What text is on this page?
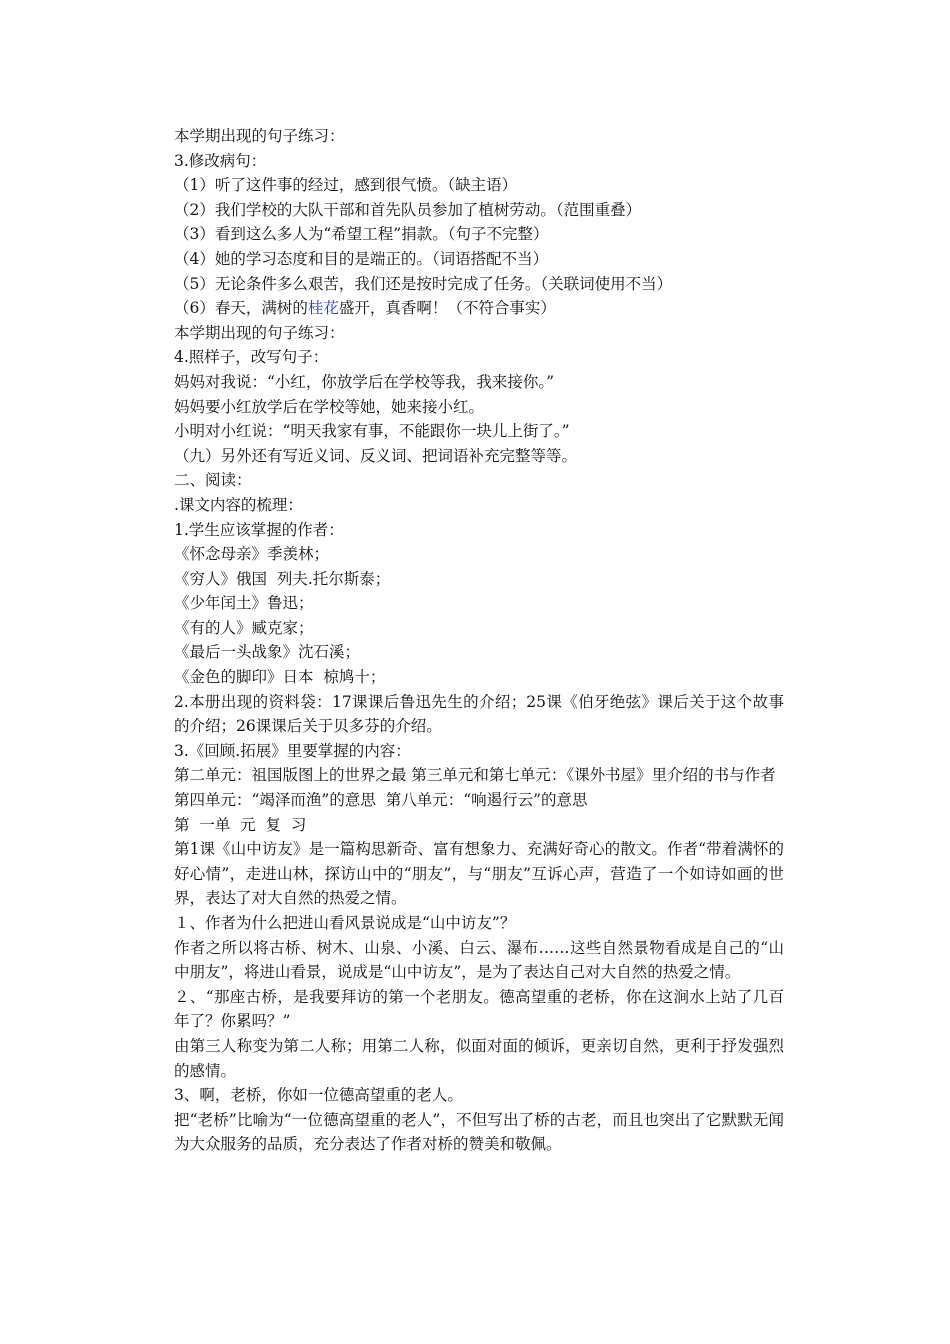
本学期出现的句子练习：
3.修改病句：
（1）听了这件事的经过，感到很气愤。（缺主语）
（2）我们学校的大队干部和首先队员参加了植树劳动。（范围重叠）
（3）看到这么多人为“希望工程”捐款。（句子不完整）
（4）她的学习态度和目的是端正的。（词语搭配不当）
（5）无论条件多么艰苦，我们还是按时完成了任务。（关联词使用不当）
（6）春天，满树的桂花盛开，真香啊！（不符合事实）
本学期出现的句子练习：
4.照样子，改写句子：
妈妈对我说：“小红，你放学后在学校等我，我来接你。”
妈妈要小红放学后在学校等她，她来接小红。
小明对小红说：“明天我家有事，不能跟你一块儿上街了。”
（九）另外还有写近义词、反义词、把词语补充完整等等。
二、阅读：
.课文内容的梳理：
1.学生应该掌握的作者：
《怀念母亲》季羡林；
《穷人》俄国  列夫.托尔斯泰；
《少年闰土》鲁迅；
《有的人》臧克家；
《最后一头战象》沈石溪；
《金色的脚印》日本  椋鸠十；
2.本册出现的资料袋：17课课后鲁迅先生的介绍；25课《伯牙绝弦》课后关于这个故事的介绍；26课课后关于贝多芬的介绍。
3.《回顾.拓展》里要掌握的内容：
第二单元：祖国版图上的世界之最 第三单元和第七单元：《课外书屋》里介绍的书与作者
第四单元：“竭泽而渔”的意思  第八单元：“响遏行云”的意思
第  一单  元  复  习
第1课《山中访友》是一篇构思新奇、富有想象力、充满好奇心的散文。作者“带着满怀的好心情”，走进山林，探访山中的“朋友”，与“朋友”互诉心声，营造了一个如诗如画的世界，表达了对大自然的热爱之情。
１、作者为什么把进山看风景说成是“山中访友”？
作者之所以将古桥、树木、山泉、小溪、白云、瀑布……这些自然景物看成是自己的“山中朋友”，将进山看景，说成是“山中访友”，是为了表达自己对大自然的热爱之情。
２、“那座古桥，是我要拜访的第一个老朋友。德高望重的老桥，你在这涧水上站了几百年了？你累吗？”
由第三人称变为第二人称；用第二人称，似面对面的倾诉，更亲切自然，更利于抒发强烈的感情。
3、啊，老桥，你如一位德高望重的老人。
把“老桥”比喻为“一位德高望重的老人”，不但写出了桥的古老，而且也突出了它默默无闻为大众服务的品质，充分表达了作者对桥的赞美和敬佩。
